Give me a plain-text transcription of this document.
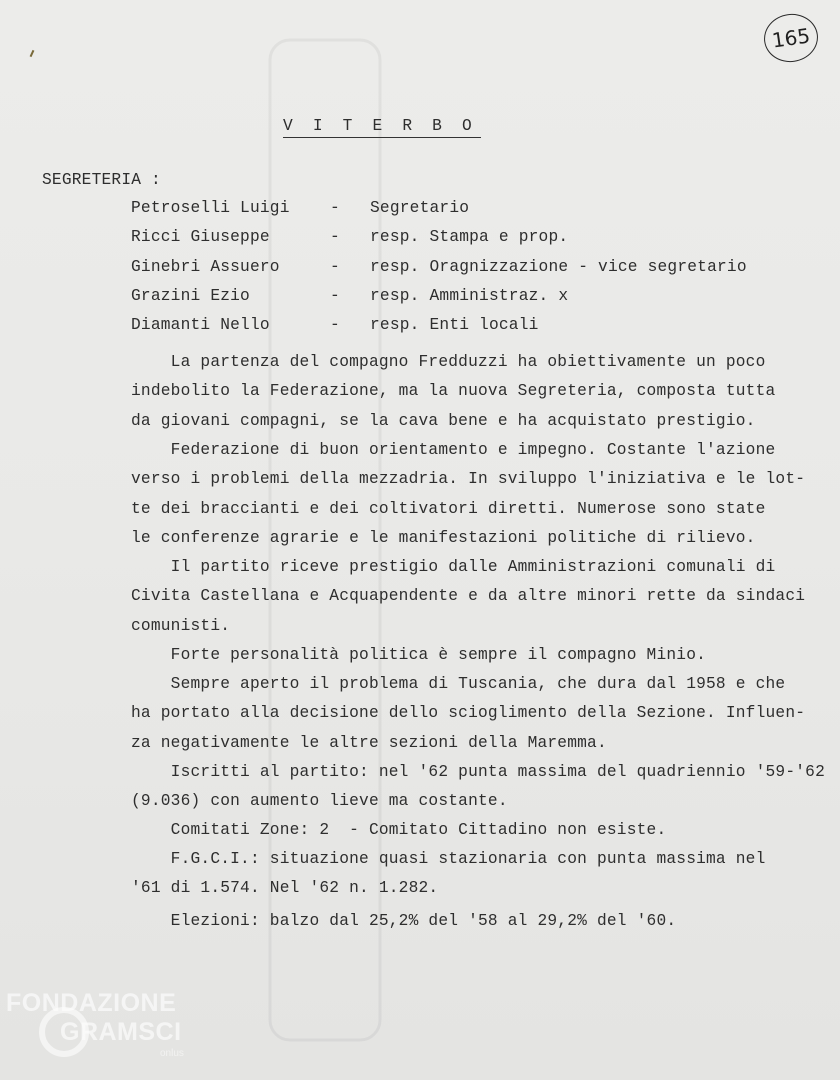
165
V I T E R B O
SEGRETERIA :
Petroselli Luigi - Segretario
Ricci Giuseppe	- resp. Stampa e prop.
Ginebri Assuero	- resp. Oragnizzazione - vice segretario
Grazini Ezio	- resp. Amministraz. x
Diamanti Nello	- resp. Enti locali
La partenza del compagno Fredduzzi ha obiettivamente un poco
indebolito la Federazione, ma la nuova Segreteria, composta tutta
da giovani compagni, se la cava bene e ha acquistato prestigio.
Federazione di buon orientamento e impegno. Costante l'azione
verso i problemi della mezzadria. In sviluppo l'iniziativa e le lot-
te dei braccianti e dei coltivatori diretti. Numerose sono state
le conferenze agrarie e le manifestazioni politiche di rilievo.
Il partito riceve prestigio dalle Amministrazioni comunali di
Civita Castellana e Acquapendente e da altre minori rette da sindaci
comunisti.
Forte personalità politica è sempre il compagno Minio.
Sempre aperto il problema di Tuscania, che dura dal 1958 e che
ha portato alla decisione dello scioglimento della Sezione. Influen-
za negativamente le altre sezioni della Maremma.
Iscritti al partito: nel '62 punta massima del quadriennio '59-'62
(9.036) con aumento lieve ma costante.
Comitati Zone: 2  - Comitato Cittadino non esiste.
F.G.C.I.: situazione quasi stazionaria con punta massima nel
'61 di 1.574. Nel '62 n. 1.282.
Elezioni: balzo dal 25,2% del '58 al 29,2% del '60.
FONDAZIONE
GRAMSCI
onlus
